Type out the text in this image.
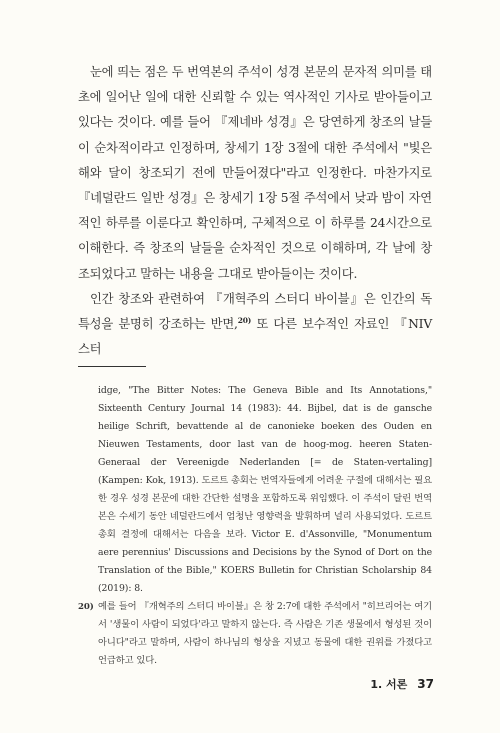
눈에 띄는 점은 두 번역본의 주석이 성경 본문의 문자적 의미를 태초에 일어난 일에 대한 신뢰할 수 있는 역사적인 기사로 받아들이고 있다는 것이다. 예를 들어 『제네바 성경』은 당연하게 창조의 날들이 순차적이라고 인정하며, 창세기 1장 3절에 대한 주석에서 "빛은 해와 달이 창조되기 전에 만들어졌다"라고 인정한다. 마찬가지로 『네덜란드 일반 성경』은 창세기 1장 5절 주석에서 낮과 밤이 자연적인 하루를 이룬다고 확인하며, 구체적으로 이 하루를 24시간으로 이해한다. 즉 창조의 날들을 순차적인 것으로 이해하며, 각 날에 창조되었다고 말하는 내용을 그대로 받아들이는 것이다.

인간 창조와 관련하여 『개혁주의 스터디 바이블』은 인간의 독특성을 분명히 강조하는 반면,$^{20)}$ 또 다른 보수적인 자료인 『NIV 스터

idge, "The Bitter Notes: The Geneva Bible and Its Annotations," Sixteenth Century Journal 14 (1983): 44. Bijbel, dat is de gansche heilige Schrift, bevattende al de canonieke boeken des Ouden en Nieuwen Testaments, door last van de hoog-mog. heeren Staten-Generaal der Vereenigde Nederlanden [= de Staten-vertaling] (Kampen: Kok, 1913). 도르트 총회는 번역자들에게 어려운 구절에 대해서는 필요한 경우 성경 본문에 대한 간단한 설명을 포함하도록 위임했다. 이 주석이 달린 번역본은 수세기 동안 네덜란드에서 엄청난 영향력을 발휘하며 널리 사용되었다. 도르트 총회 결정에 대해서는 다음을 보라. Victor E. d'Assonville, "Monumentum aere perennius' Discussions and Decisions by the Synod of Dort on the Translation of the Bible," KOERS Bulletin for Christian Scholarship 84 (2019): 8.

20) 예를 들어 『개혁주의 스터디 바이블』은 창 2:7에 대한 주석에서 "히브리어는 여기서 '생물이 사람이 되었다'라고 말하지 않는다. 즉 사람은 기존 생물에서 형성된 것이 아니다"라고 말하며, 사람이 하나님의 형상을 지녔고 동물에 대한 권위를 가졌다고 언급하고 있다.
1. 서론 37
